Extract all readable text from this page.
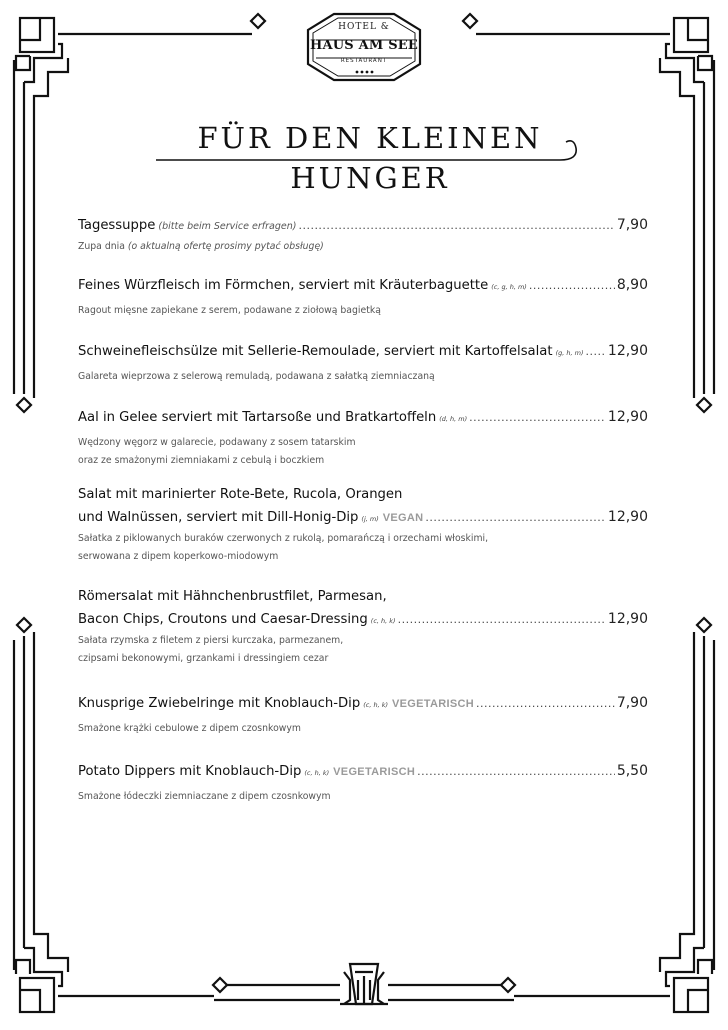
HOTEL &
HAUS AM SEE
RESTAURANT
FÜR DEN KLEINEN HUNGER
Tagessuppe (bitte beim Service erfragen) .....	7,90
Zupa dnia (o aktualną ofertę prosimy pytać obsługę)
Feines Würzfleisch im Förmchen, serviert mit Kräuterbaguette (c, g, h, m) .....	8,90
Ragout mięsne zapiekane z serem, podawane z ziołową bagietką
Schweinefleischsülze mit Sellerie-Remoulade, serviert mit Kartoffelsalat (g, h, m) ..... 12,90
Galareta wieprzowa z selerową remuladą, podawana z sałatką ziemniaczaną
Aal in Gelee serviert mit Tartarsoße und Bratkartoffeln (d, h, m) .....	12,90
Wędzony węgorz w galarecie, podawany z sosem tatarskim
oraz ze smażonymi ziemniakami z cebulą i boczkiem
Salat mit marinierter Rote-Bete, Rucola, Orangen
und Walnüssen, serviert mit Dill-Honig-Dip (j, m) VEGAN .....	12,90
Sałatka z piklowanych buraków czerwonych z rukolą, pomarańczą i orzechami włoskimi,
serwowana z dipem koperkowo-miodowym
Römersalat mit Hähnchenbrustfilet, Parmesan,
Bacon Chips, Croutons und Caesar-Dressing (c, h, k) .....	12,90
Sałata rzymska z filetem z piersi kurczaka, parmezanem,
czipsami bekonowymi, grzankami i dressingiem cezar
Knusprige Zwiebelringe mit Knoblauch-Dip (c, h, k) VEGETARISCH .....	7,90
Smażone krążki cebulowe z dipem czosnkowym
Potato Dippers mit Knoblauch-Dip (c, h, k) VEGETARISCH .....	5,50
Smażone łódeczki ziemniaczane z dipem czosnkowym
